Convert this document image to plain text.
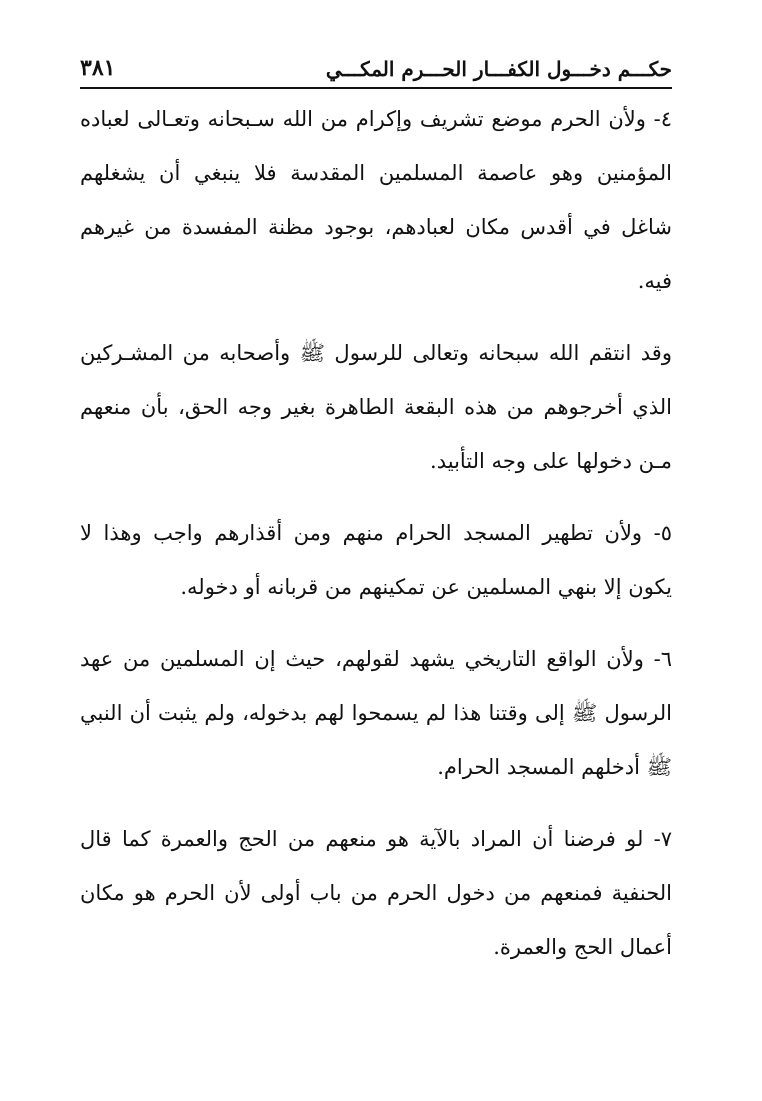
حكـــم دخـــول الكفـــار الحـــرم المكـــي
٣٨١

٤- ولأن الحرم موضع تشريف وإكرام من الله سـبحانه وتعـالى لعباده المؤمنين وهو عاصمة المسلمين المقدسة فلا ينبغي أن يشغلهم شاغل في أقدس مكان لعبادهم، بوجود مظنة المفسدة من غيرهم فيه.

وقد انتقم الله سبحانه وتعالى للرسول ﷺ وأصحابه من المشـركين الذي أخرجوهم من هذه البقعة الطاهرة بغير وجه الحق، بأن منعهم مـن دخولها على وجه التأبيد.

٥- ولأن تطهير المسجد الحرام منهم ومن أقذارهم واجب وهذا لا يكون إلا بنهي المسلمين عن تمكينهم من قربانه أو دخوله.

٦- ولأن الواقع التاريخي يشهد لقولهم، حيث إن المسلمين من عهد الرسول ﷺ إلى وقتنا هذا لم يسمحوا لهم بدخوله، ولم يثبت أن النبي ﷺ أدخلهم المسجد الحرام.

٧- لو فرضنا أن المراد بالآية هو منعهم من الحج والعمرة كما قال الحنفية فمنعهم من دخول الحرم من باب أولى لأن الحرم هو مكان أعمال الحج والعمرة.
